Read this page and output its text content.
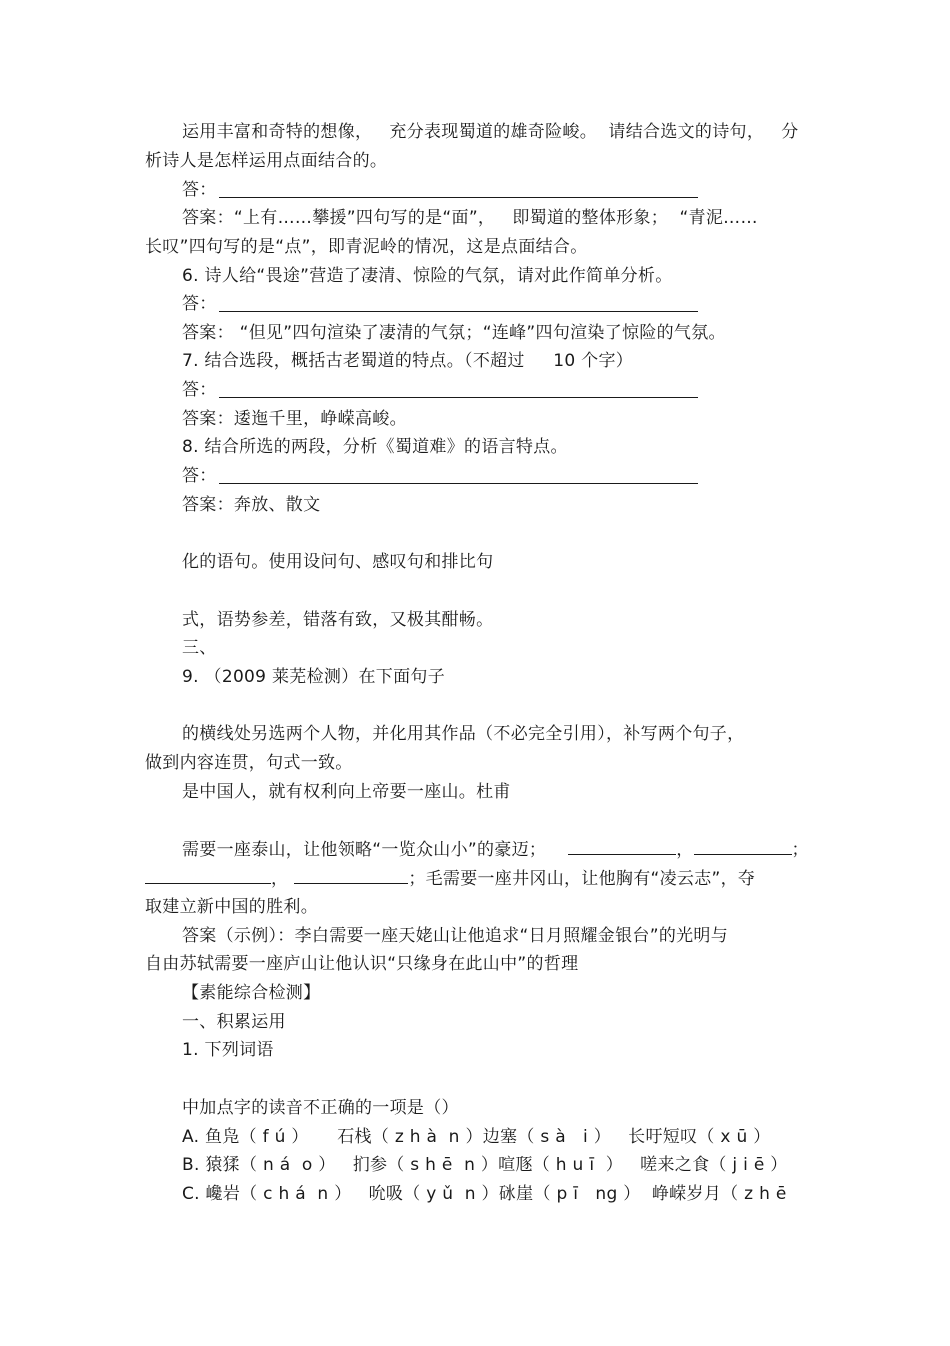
运用丰富和奇特的想像，   充分表现蜀道的雄奇险峻。  请结合选文的诗句，   分
析诗人是怎样运用点面结合的。
答：
答案：“上有……攀援”四句写的是“面”，   即蜀道的整体形象；  “青泥……
长叹”四句写的是“点”，即青泥岭的情况，这是点面结合。
6. 诗人给“畏途”营造了凄清、惊险的气氛，请对此作简单分析。
答：
答案： “但见”四句渲染了凄清的气氛；“连峰”四句渲染了惊险的气氛。
7. 结合选段，概括古老蜀道的特点。（不超过     10 个字）
答：
答案：逶迤千里，峥嵘高峻。
8. 结合所选的两段，分析《蜀道难》的语言特点。
答：
答案：奔放、散文
化的语句。使用设问句、感叹句和排比句
式，语势参差，错落有致，又极其酣畅。
三、
9. （2009 莱芜检测）在下面句子
的横线处另选两个人物，并化用其作品（不必完全引用），补写两个句子，
做到内容连贯，句式一致。
是中国人，就有权利向上帝要一座山。杜甫
需要一座泰山，让他领略“一览众山小”的豪迈；	，	；
，	；毛需要一座井冈山，让他胸有“凌云志”，夺
取建立新中国的胜利。
答案（示例）：李白需要一座天姥山让他追求“日月照耀金银台”的光明与
自由苏轼需要一座庐山让他认识“只缘身在此山中”的哲理
【素能综合检测】
一、积累运用
1. 下列词语
中加点字的读音不正确的一项是（）
A. 鱼凫（ f ú ）     石栈（ z h à  n ）边塞（ s à   i ）   长吁短叹（ x ū ）
B. 猿猱（ n á  o ）   扪参（ s h ē  n ）喧豗（ h u ī  ）   嗟来之食（ j i ē ）
C. 巉岩（ c h á  n ）   吮吸（ y ǔ  n ）砯崖（ p ī   ng ）  峥嵘岁月（ z h ē
